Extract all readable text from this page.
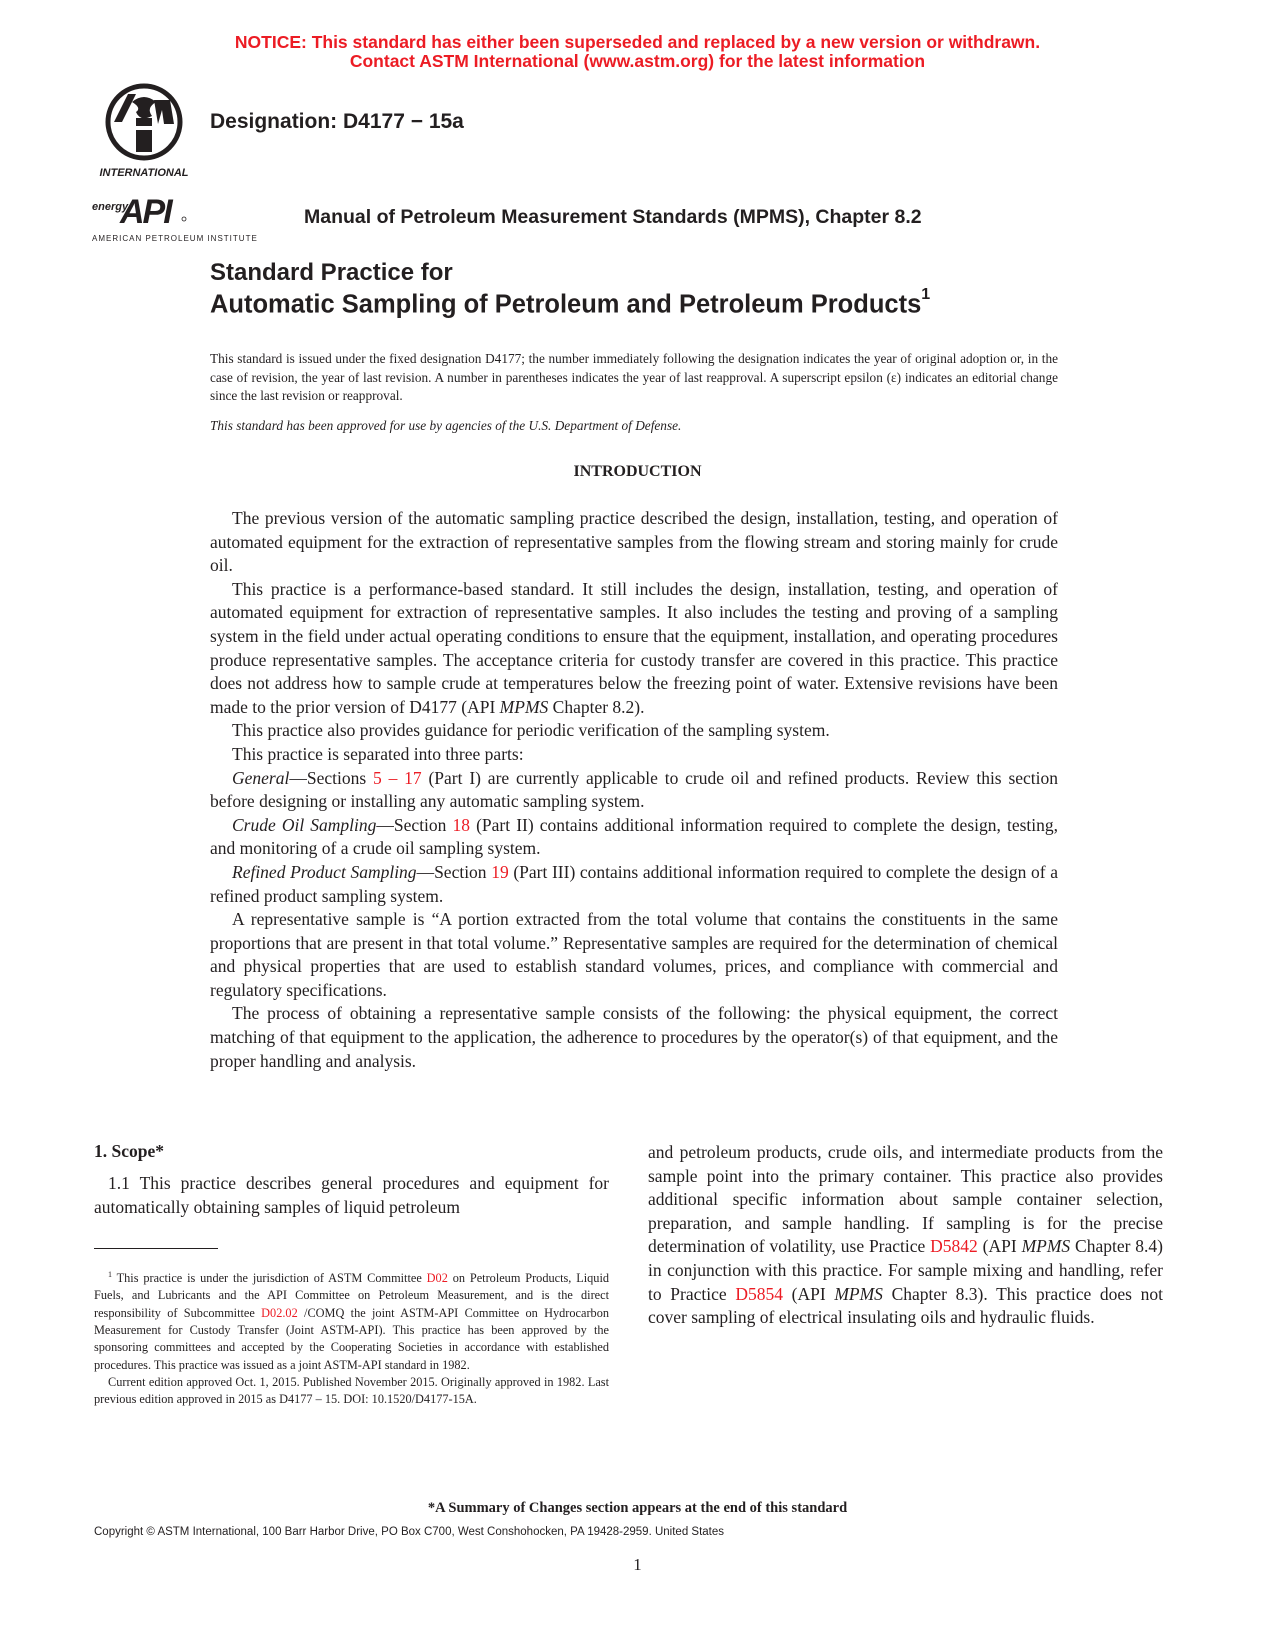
NOTICE: This standard has either been superseded and replaced by a new version or withdrawn.
Contact ASTM International (www.astm.org) for the latest information
INTERNATIONAL
Designation: D4177 − 15a
energy
API
AMERICAN PETROLEUM INSTITUTE
Manual of Petroleum Measurement Standards (MPMS), Chapter 8.2
Standard Practice for
Automatic Sampling of Petroleum and Petroleum Products$^1$
This standard is issued under the fixed designation D4177; the number immediately following the designation indicates the year of original adoption or, in the case of revision, the year of last revision. A number in parentheses indicates the year of last reapproval. A superscript epsilon (ε) indicates an editorial change since the last revision or reapproval.
This standard has been approved for use by agencies of the U.S. Department of Defense.
INTRODUCTION

The previous version of the automatic sampling practice described the design, installation, testing, and operation of automated equipment for the extraction of representative samples from the flowing stream and storing mainly for crude oil.

This practice is a performance-based standard. It still includes the design, installation, testing, and operation of automated equipment for extraction of representative samples. It also includes the testing and proving of a sampling system in the field under actual operating conditions to ensure that the equipment, installation, and operating procedures produce representative samples. The acceptance criteria for custody transfer are covered in this practice. This practice does not address how to sample crude at temperatures below the freezing point of water. Extensive revisions have been made to the prior version of D4177 (API MPMS Chapter 8.2).

This practice also provides guidance for periodic verification of the sampling system.

This practice is separated into three parts:

General—Sections 5 – 17 (Part I) are currently applicable to crude oil and refined products. Review this section before designing or installing any automatic sampling system.

Crude Oil Sampling—Section 18 (Part II) contains additional information required to complete the design, testing, and monitoring of a crude oil sampling system.

Refined Product Sampling—Section 19 (Part III) contains additional information required to complete the design of a refined product sampling system.

A representative sample is “A portion extracted from the total volume that contains the constituents in the same proportions that are present in that total volume.” Representative samples are required for the determination of chemical and physical properties that are used to establish standard volumes, prices, and compliance with commercial and regulatory specifications.

The process of obtaining a representative sample consists of the following: the physical equipment, the correct matching of that equipment to the application, the adherence to procedures by the operator(s) of that equipment, and the proper handling and analysis.

1. Scope*

1.1 This practice describes general procedures and equipment for automatically obtaining samples of liquid petroleum

$^1$ This practice is under the jurisdiction of ASTM Committee D02 on Petroleum Products, Liquid Fuels, and Lubricants and the API Committee on Petroleum Measurement, and is the direct responsibility of Subcommittee D02.02 /COMQ the joint ASTM-API Committee on Hydrocarbon Measurement for Custody Transfer (Joint ASTM-API). This practice has been approved by the sponsoring committees and accepted by the Cooperating Societies in accordance with established procedures. This practice was issued as a joint ASTM-API standard in 1982.

Current edition approved Oct. 1, 2015. Published November 2015. Originally approved in 1982. Last previous edition approved in 2015 as D4177 – 15. DOI: 10.1520/D4177-15A.

and petroleum products, crude oils, and intermediate products from the sample point into the primary container. This practice also provides additional specific information about sample container selection, preparation, and sample handling. If sampling is for the precise determination of volatility, use Practice D5842 (API MPMS Chapter 8.4) in conjunction with this practice. For sample mixing and handling, refer to Practice D5854 (API MPMS Chapter 8.3). This practice does not cover sampling of electrical insulating oils and hydraulic fluids.

*A Summary of Changes section appears at the end of this standard
Copyright © ASTM International, 100 Barr Harbor Drive, PO Box C700, West Conshohocken, PA 19428-2959. United States
1
